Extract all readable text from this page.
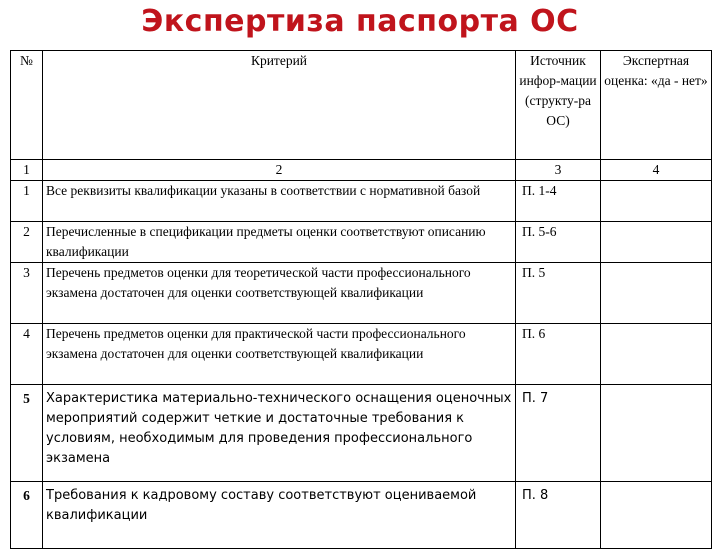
Экспертиза паспорта ОС
№	Критерий	Источник инфор-мации (структу-ра ОС)	Экспертная оценка: «да - нет»
1	2	3	4
1	Все реквизиты квалификации указаны в соответствии с нормативной базой	П. 1-4	
2	Перечисленные в спецификации предметы оценки соответствуют описанию квалификации	П. 5-6	
3	Перечень предметов оценки для теоретической части профессионального экзамена достаточен для оценки соответствующей квалификации	П. 5	
4	Перечень предметов оценки для практической части профессионального экзамена достаточен для оценки соответствующей квалификации	П. 6	
5	Характеристика материально-технического оснащения оценочных мероприятий содержит четкие и достаточные требования к условиям, необходимым для проведения профессионального экзамена	П. 7	
6	Требования к кадровому составу соответствуют оцениваемой квалификации	П. 8	
